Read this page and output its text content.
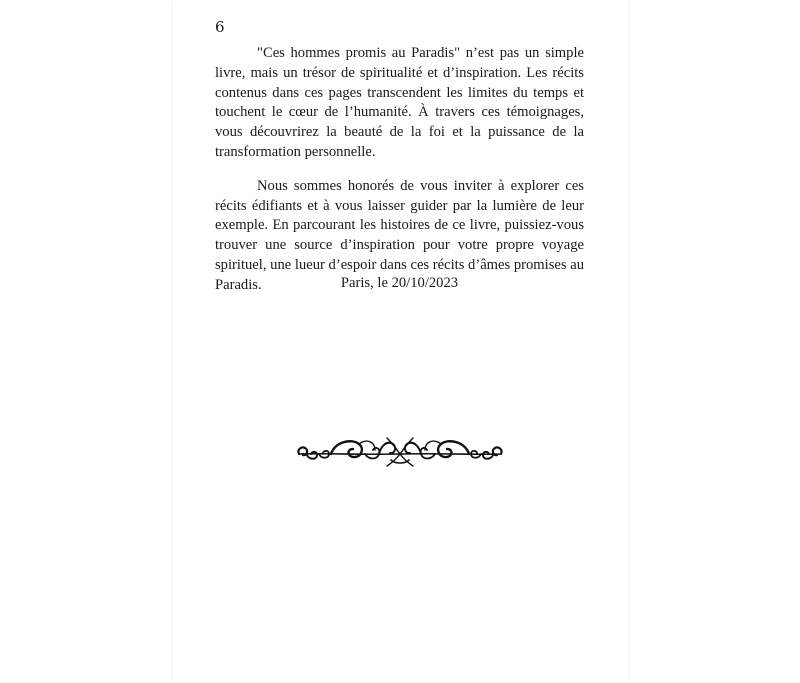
6

"Ces hommes promis au Paradis" n’est pas un simple livre, mais un trésor de spiritualité et d’inspiration. Les récits contenus dans ces pages transcendent les limites du temps et touchent le cœur de l’humanité. À travers ces témoignages, vous découvrirez la beauté de la foi et la puissance de la transformation personnelle.

Nous sommes honorés de vous inviter à explorer ces récits édifiants et à vous laisser guider par la lumière de leur exemple. En parcourant les histoires de ce livre, puissiez-vous trouver une source d’inspiration pour votre propre voyage spirituel, une lueur d’espoir dans ces récits d’âmes promises au Paradis.	Paris, le 20/10/2023
